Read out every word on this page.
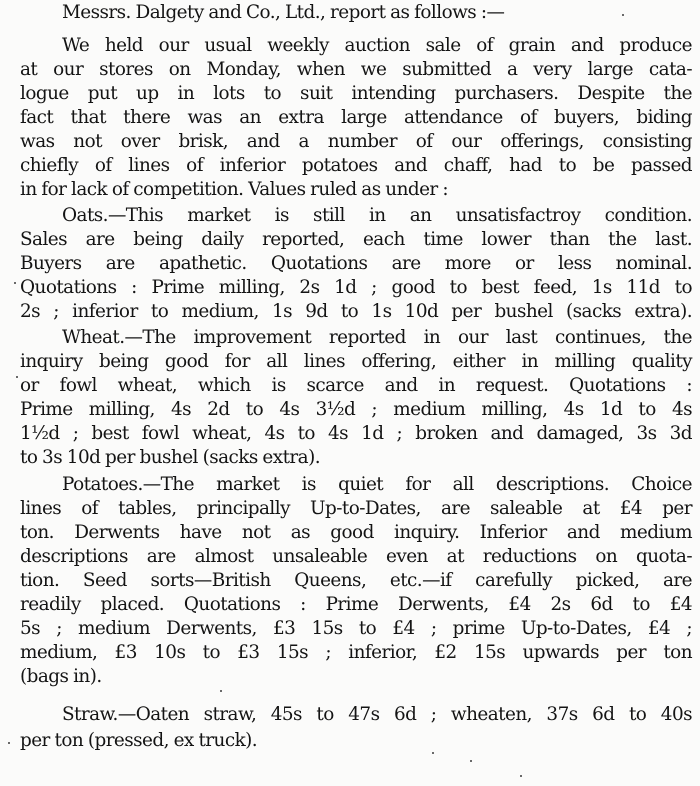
Messrs. Dalgety and Co., Ltd., report as follows :—
We held our usual weekly auction sale of grain and produce
at our stores on Monday, when we submitted a very large cata-
logue put up in lots to suit intending purchasers. Despite the
fact that there was an extra large attendance of buyers, biding
was not over brisk, and a number of our offerings, consisting
chiefly of lines of inferior potatoes and chaff, had to be passed
in for lack of competition. Values ruled as under :
Oats.—This market is still in an unsatisfactroy condition.
Sales are being daily reported, each time lower than the last.
Buyers are apathetic. Quotations are more or less nominal.
Quotations : Prime milling, 2s 1d ; good to best feed, 1s 11d to
2s ; inferior to medium, 1s 9d to 1s 10d per bushel (sacks extra).
Wheat.—The improvement reported in our last continues, the
inquiry being good for all lines offering, either in milling quality
or fowl wheat, which is scarce and in request. Quotations :
Prime milling, 4s 2d to 4s 3½d ; medium milling, 4s 1d to 4s
1½d ; best fowl wheat, 4s to 4s 1d ; broken and damaged, 3s 3d
to 3s 10d per bushel (sacks extra).
Potatoes.—The market is quiet for all descriptions. Choice
lines of tables, principally Up-to-Dates, are saleable at £4 per
ton. Derwents have not as good inquiry. Inferior and medium
descriptions are almost unsaleable even at reductions on quota-
tion. Seed sorts—British Queens, etc.—if carefully picked, are
readily placed. Quotations : Prime Derwents, £4 2s 6d to £4
5s ; medium Derwents, £3 15s to £4 ; prime Up-to-Dates, £4 ;
medium, £3 10s to £3 15s ; inferior, £2 15s upwards per ton
(bags in).
Straw.—Oaten straw, 45s to 47s 6d ; wheaten, 37s 6d to 40s
per ton (pressed, ex truck).
